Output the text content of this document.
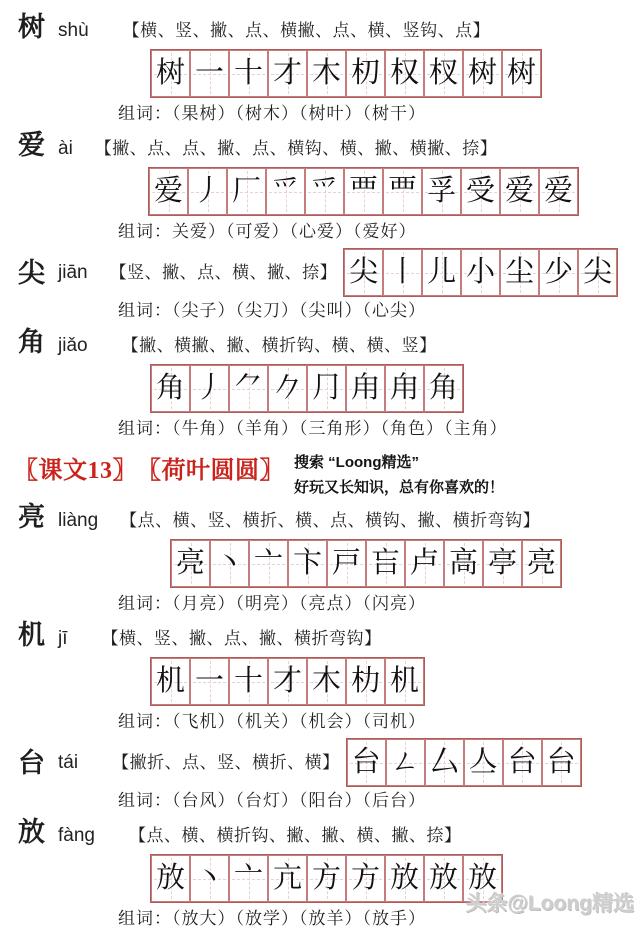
树 shù 【横、竖、撇、点、横撇、点、横、竖钩、点】
树 一 十 才 木 朷 权 杈 树 树
组词：（果树）（树木）（树叶）（树干）
爱 ài 【撇、点、点、撇、点、横钩、横、撇、横撇、捺】
爱 丿 厂 爫 爫 覀 覀 孚 受 爱 爱
组词：关爱）（可爱）（心爱）（爱好）
尖 jiān 【竖、撇、点、横、撇、捺】 尖 丨 儿 小 尘 少 尖
组词：（尖子）（尖刀）（尖叫）（心尖）
角 jiǎo 【撇、横撇、撇、横折钩、横、横、竖】
角 丿 ⺈ 𠂊 ⺆ 甪 甪 角
组词：（牛角）（羊角）（三角形）（角色）（主角）
〖课文13〗 〖荷叶圆圆〗 搜索 “Loong精选”
好玩又长知识，总有你喜欢的！
亮 liàng 【点、横、竖、横折、横、点、横钩、撇、横折弯钩】
亮 丶 亠 卞 戸 吂 卢 高 亭 亮
组词：（月亮）（明亮）（亮点）（闪亮）
机 jī 【横、竖、撇、点、撇、横折弯钩】
机 一 十 才 木 朸 机
组词：（飞机）（机关）（机会）（司机）
台 tái 【撇折、点、竖、横折、横】 台 ㄥ 厶 亼 台 台
组词：（台风）（台灯）（阳台）（后台）
放 fàng 【点、横、横折钩、撇、撇、横、撇、捺】
放 丶 亠 亢 方 方 放 放 放
组词：（放大）（放学）（放羊）（放手）
头条@Loong精选
